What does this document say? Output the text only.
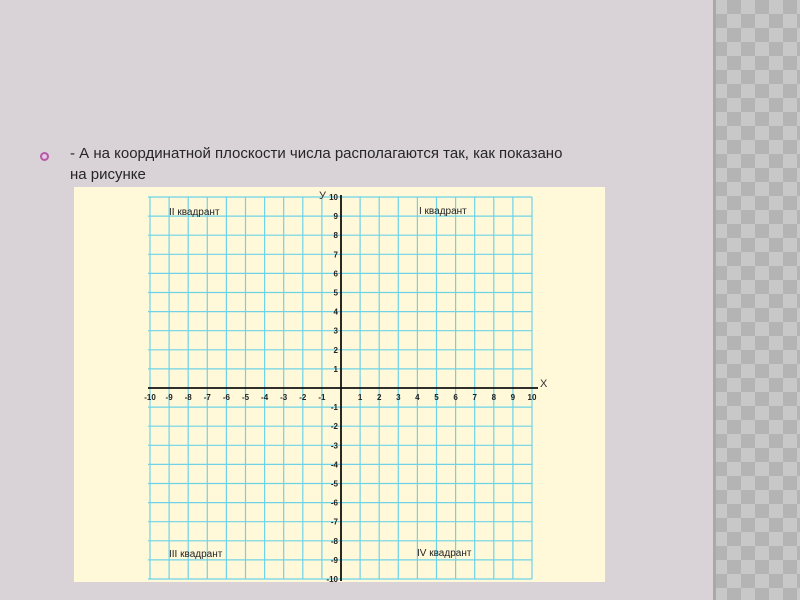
- А на координатной плоскости числа располагаются так, как показано
на рисунке
X
У
-10 -9 -8 -7 -6 -5 -4 -3 -2 -1	1 2 3 4 5 6 7 8 9 10
10
9
8
7
6
5
4
3
2
1
-1
-2
-3
-4
-5
-6
-7
-8
-9
-10
I квадрант
II квадрант
III квадрант	IV квадрант
